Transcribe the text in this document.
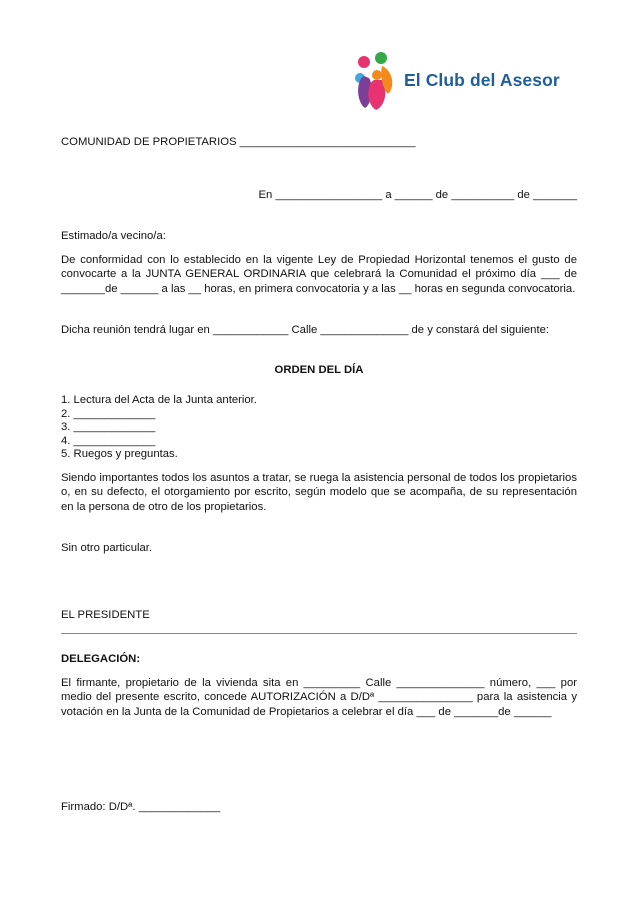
El Club del Asesor
COMUNIDAD DE PROPIETARIOS ____________________________
En _________________ a ______ de __________ de _______
Estimado/a vecino/a:
De conformidad con lo establecido en la vigente Ley de Propiedad Horizontal tenemos el gusto de convocarte a la JUNTA GENERAL ORDINARIA que celebrará la Comunidad el próximo día ___ de _______de ______ a las __ horas, en primera convocatoria y a las __ horas en segunda convocatoria.
Dicha reunión tendrá lugar en ____________ Calle ______________ de y constará del siguiente:
ORDEN DEL DÍA
1. Lectura del Acta de la Junta anterior.
2. _____________
3. _____________
4. _____________
5. Ruegos y preguntas.
Siendo importantes todos los asuntos a tratar, se ruega la asistencia personal de todos los propietarios o, en su defecto, el otorgamiento por escrito, según modelo que se acompaña, de su representación en la persona de otro de los propietarios.
Sin otro particular.
EL PRESIDENTE
DELEGACIÓN:
El firmante, propietario de la vivienda sita en _________ Calle ______________ número, ___ por medio del presente escrito, concede AUTORIZACIÓN a D/Dª _______________ para la asistencia y votación en la Junta de la Comunidad de Propietarios a celebrar el día ___ de _______de ______
Firmado: D/Dª. _____________
